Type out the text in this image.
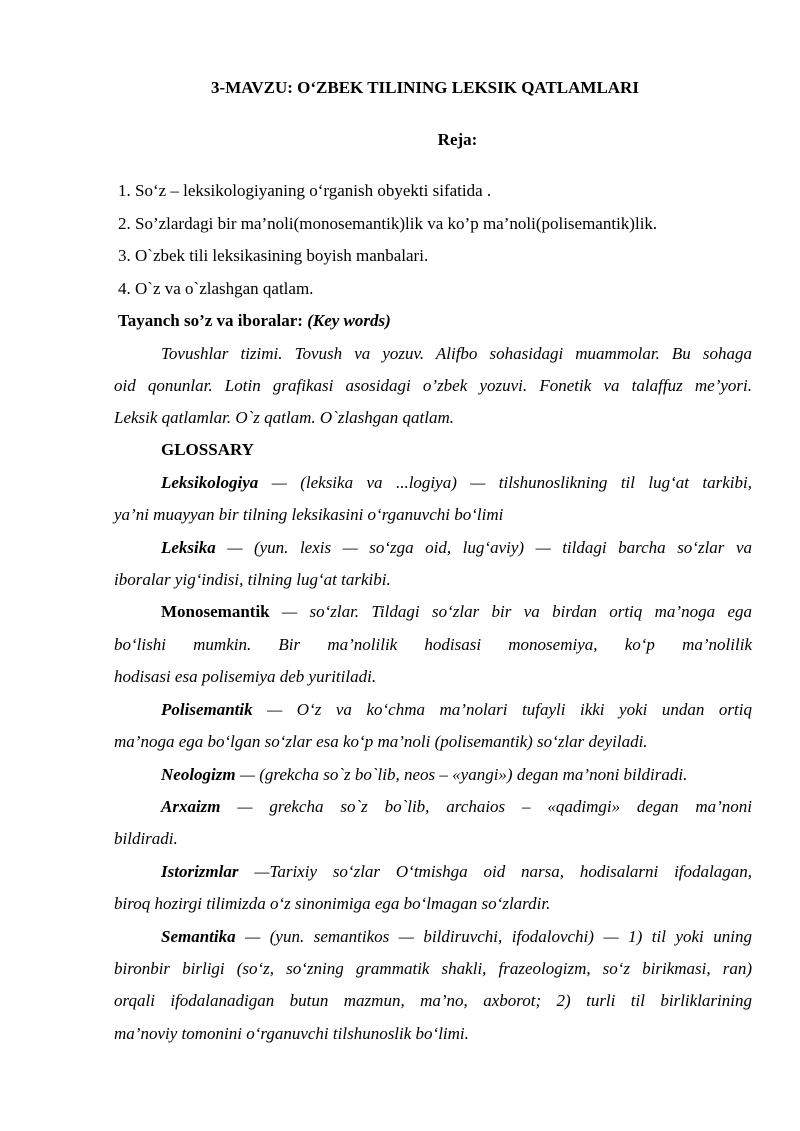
3-MAVZU: O‘ZBEK TILINING LEKSIK QATLAMLARI
Reja:
1. So‘z – leksikologiyaning o‘rganish obyekti sifatida .
2. So’zlardagi bir ma’noli(monosemantik)lik va ko’p ma’noli(polisemantik)lik.
3. O`zbek tili leksikasining boyish manbalari.
4. O`z va o`zlashgan qatlam.
Tayanch so’z va iboralar: (Key words)
Tovushlar tizimi. Tovush va yozuv. Alifbo sohasidagi muammolar. Bu sohaga
oid qonunlar. Lotin grafikasi asosidagi o’zbek yozuvi. Fonetik va talaffuz me’yori.
Leksik qatlamlar. O`z qatlam. O`zlashgan qatlam.
GLOSSARY
Leksikologiya — (leksika va ...logiya) — tilshunoslikning til lug‘at tarkibi,
ya’ni muayyan bir tilning leksikasini o‘rganuvchi bo‘limi
Leksika — (yun. lexis — so‘zga oid, lug‘aviy) — tildagi barcha so‘zlar va
iboralar yig‘indisi, tilning lug‘at tarkibi.
Monosemantik — so‘zlar. Tildagi so‘zlar bir va birdan ortiq ma’noga ega
bo‘lishi mumkin. Bir ma’nolilik hodisasi monosemiya, ko‘p ma’nolilik
hodisasi esa polisemiya deb yuritiladi.
Polisemantik — O‘z va ko‘chma ma’nolari tufayli ikki yoki undan ortiq
ma’noga ega bo‘lgan so‘zlar esa ko‘p ma’noli (polisemantik) so‘zlar deyiladi.
Neologizm — (grekcha so`z bo`lib, neos – «yangi») degan ma’noni bildiradi.
Arxaizm — grekcha so`z bo`lib, archaios – «qadimgi» degan ma’noni
bildiradi.
Istorizmlar —Tarixiy so‘zlar O‘tmishga oid narsa, hodisalarni ifodalagan,
biroq hozirgi tilimizda o‘z sinonimiga ega bo‘lmagan so‘zlardir.
Semantika — (yun. semantikos — bildiruvchi, ifodalovchi) — 1) til yoki uning
bironbir birligi (so‘z, so‘zning grammatik shakli, frazeologizm, so‘z birikmasi, ran)
orqali ifodalanadigan butun mazmun, ma’no, axborot; 2) turli til birliklarining
ma’noviy tomonini o‘rganuvchi tilshunoslik bo‘limi.
